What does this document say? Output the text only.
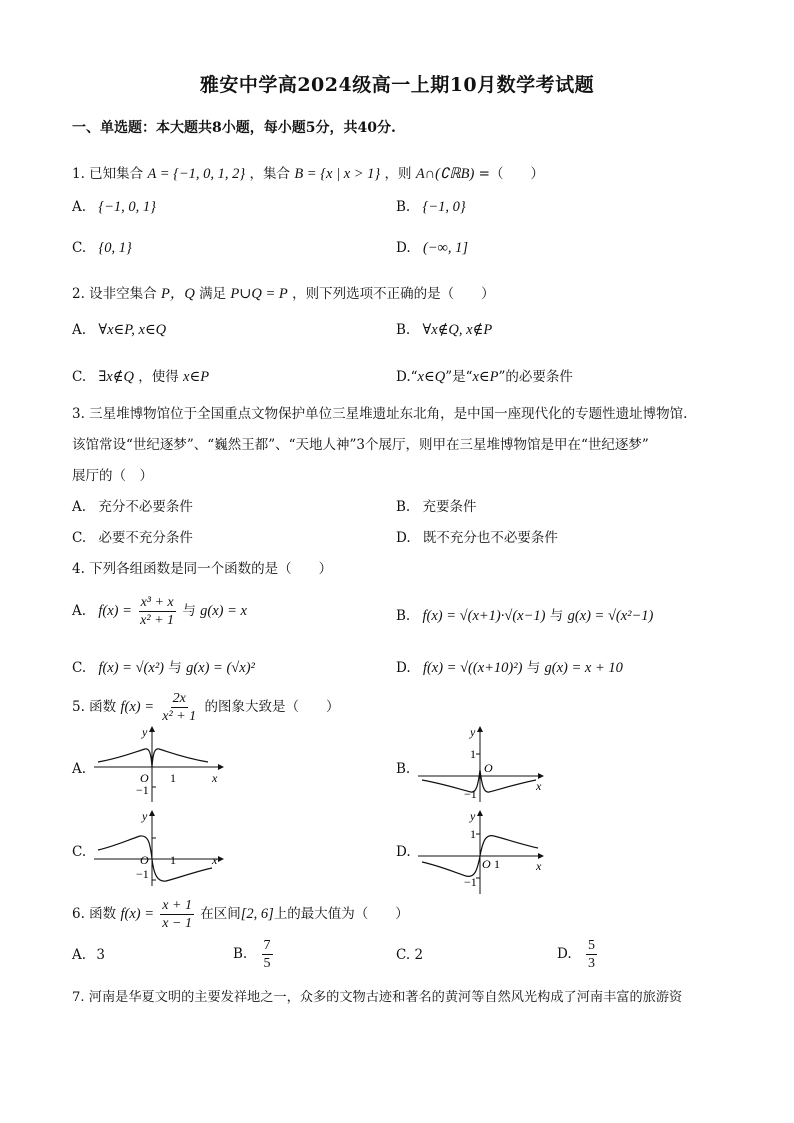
雅安中学高2024级高一上期10月数学考试题
一、单选题：本大题共8小题，每小题5分，共40分.
1. 已知集合 A = {−1, 0, 1, 2} ，集合 B = {x | x > 1} ，则 A∩(∁ℝB) =（　　）
A. {−1, 0, 1}	B. {−1, 0}
C. {0, 1}	D. (−∞, 1]
2. 设非空集合 P，Q 满足 P∪Q = P ，则下列选项不正确的是（　　）
A. ∀x∈P, x∈Q	B. ∀x∉Q, x∉P
C. ∃x∉Q ，使得 x∈P	D.“x∈Q”是“x∈P”的必要条件
3. 三星堆博物馆位于全国重点文物保护单位三星堆遗址东北角，是中国一座现代化的专题性遗址博物馆.
该馆常设“世纪逐梦”、“巍然王都”、“天地人神”3个展厅，则甲在三星堆博物馆是甲在“世纪逐梦”
展厅的（　）
A. 充分不必要条件	B. 充要条件
C. 必要不充分条件	D. 既不充分也不必要条件
4. 下列各组函数是同一个函数的是（　　）
A. $f(x) = \frac{\text{x³ + x}}{\text{x² + 1}}$ 与 g(x) = x	B. f(x) = √(x+1)·√(x−1) 与 g(x) = √(x²−1)
C. f(x) = √(x²) 与 g(x) = (√x)²	D. f(x) = √((x+10)²) 与 g(x) = x + 10
5. 函数 $f(x) = \frac{2x}{\text{x² + 1}}$ 的图象大致是（　　）
A.	B.
C.	D.
y
x
O 1
−1
y
x
O
1
−1
y
x
O 1
−1
y
x
O
1
1
−1
6. 函数 $f(x) = \frac{x + 1}{x - 1}$ 在区间[2, 6]上的最大值为（　　）
A. 3	B. $\frac{7}{5}$	C. 2	D. $\frac{5}{3}$
7. 河南是华夏文明的主要发祥地之一，众多的文物古迹和著名的黄河等自然风光构成了河南丰富的旅游资
